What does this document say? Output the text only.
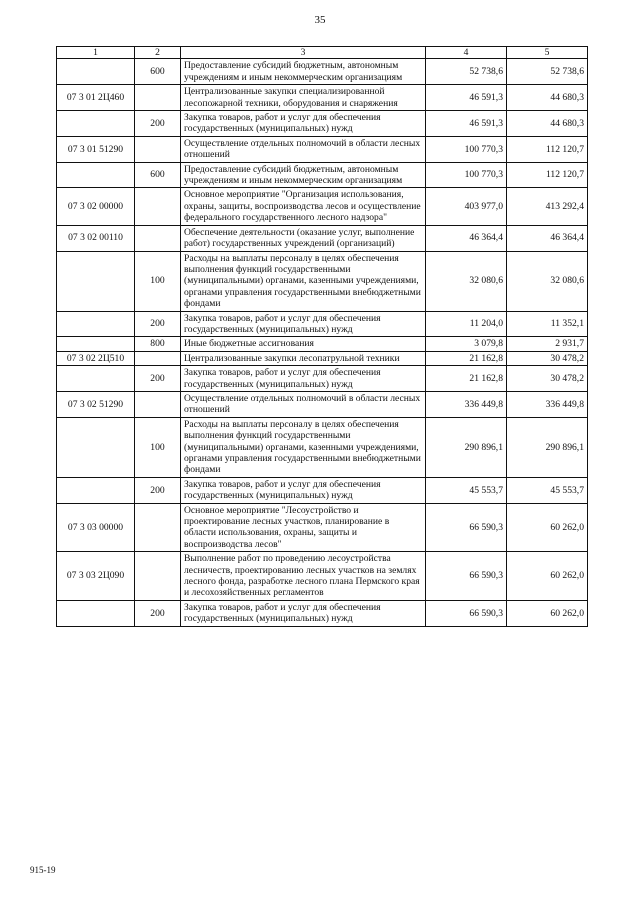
35
1	2	3	4	5
	600	Предоставление субсидий бюджетным, автономным учреждениям и иным некоммерческим организациям	52 738,6	52 738,6
07 3 01 2Ц460		Централизованные закупки специализированной лесопожарной техники, оборудования и снаряжения	46 591,3	44 680,3
	200	Закупка товаров, работ и услуг для обеспечения государственных (муниципальных) нужд	46 591,3	44 680,3
07 3 01 51290		Осуществление отдельных полномочий в области лесных отношений	100 770,3	112 120,7
	600	Предоставление субсидий бюджетным, автономным учреждениям и иным некоммерческим организациям	100 770,3	112 120,7
07 3 02 00000		Основное мероприятие "Организация использования, охраны, защиты, воспроизводства лесов и осуществление федерального государственного лесного надзора"	403 977,0	413 292,4
07 3 02 00110		Обеспечение деятельности (оказание услуг, выполнение работ) государственных учреждений (организаций)	46 364,4	46 364,4
	100	Расходы на выплаты персоналу в целях обеспечения выполнения функций государственными (муниципальными) органами, казенными учреждениями, органами управления государственными внебюджетными фондами	32 080,6	32 080,6
	200	Закупка товаров, работ и услуг для обеспечения государственных (муниципальных) нужд	11 204,0	11 352,1
	800	Иные бюджетные ассигнования	3 079,8	2 931,7
07 3 02 2Ц510		Централизованные закупки лесопатрульной техники	21 162,8	30 478,2
	200	Закупка товаров, работ и услуг для обеспечения государственных (муниципальных) нужд	21 162,8	30 478,2
07 3 02 51290		Осуществление отдельных полномочий в области лесных отношений	336 449,8	336 449,8
	100	Расходы на выплаты персоналу в целях обеспечения выполнения функций государственными (муниципальными) органами, казенными учреждениями, органами управления государственными внебюджетными фондами	290 896,1	290 896,1
	200	Закупка товаров, работ и услуг для обеспечения государственных (муниципальных) нужд	45 553,7	45 553,7
07 3 03 00000		Основное мероприятие "Лесоустройство и проектирование лесных участков, планирование в области использования, охраны, защиты и воспроизводства лесов"	66 590,3	60 262,0
07 3 03 2Ц090		Выполнение работ по проведению лесоустройства лесничеств, проектированию лесных участков на землях лесного фонда, разработке лесного плана Пермского края и лесохозяйственных регламентов	66 590,3	60 262,0
	200	Закупка товаров, работ и услуг для обеспечения государственных (муниципальных) нужд	66 590,3	60 262,0
915-19
